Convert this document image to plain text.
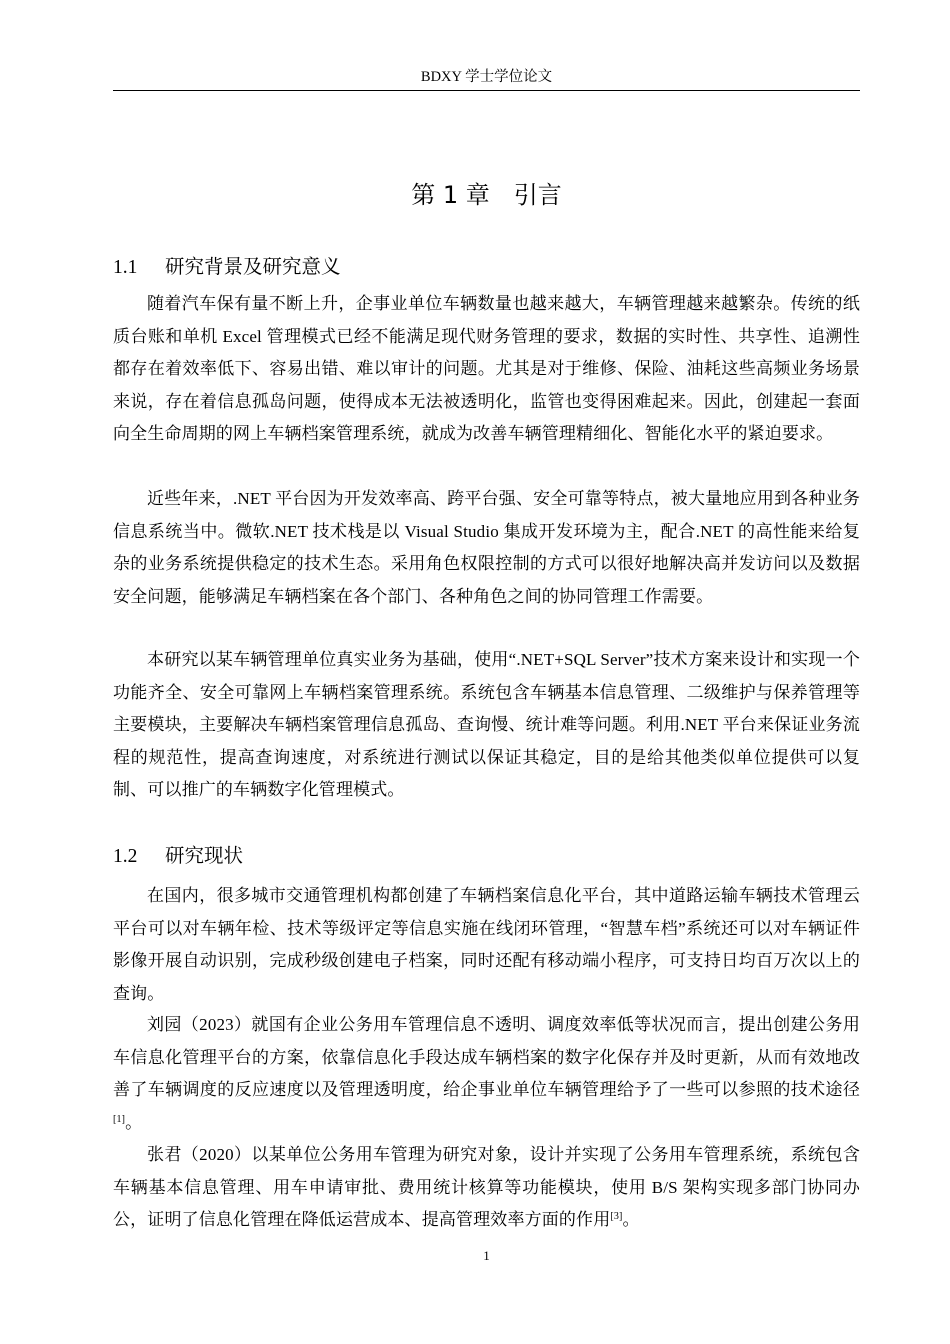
BDXY 学士学位论文
第 1 章 引言
1.1 研究背景及研究意义

随着汽车保有量不断上升，企事业单位车辆数量也越来越大，车辆管理越来越繁杂。传统的纸质台账和单机 Excel 管理模式已经不能满足现代财务管理的要求，数据的实时性、共享性、追溯性都存在着效率低下、容易出错、难以审计的问题。尤其是对于维修、保险、油耗这些高频业务场景来说，存在着信息孤岛问题，使得成本无法被透明化，监管也变得困难起来。因此，创建起一套面向全生命周期的网上车辆档案管理系统，就成为改善车辆管理精细化、智能化水平的紧迫要求。

近些年来，.NET 平台因为开发效率高、跨平台强、安全可靠等特点，被大量地应用到各种业务信息系统当中。微软.NET 技术栈是以 Visual Studio 集成开发环境为主，配合.NET 的高性能来给复杂的业务系统提供稳定的技术生态。采用角色权限控制的方式可以很好地解决高并发访问以及数据安全问题，能够满足车辆档案在各个部门、各种角色之间的协同管理工作需要。

本研究以某车辆管理单位真实业务为基础，使用“.NET+SQL Server”技术方案来设计和实现一个功能齐全、安全可靠网上车辆档案管理系统。系统包含车辆基本信息管理、二级维护与保养管理等主要模块，主要解决车辆档案管理信息孤岛、查询慢、统计难等问题。利用.NET 平台来保证业务流程的规范性，提高查询速度，对系统进行测试以保证其稳定，目的是给其他类似单位提供可以复制、可以推广的车辆数字化管理模式。

1.2 研究现状

在国内，很多城市交通管理机构都创建了车辆档案信息化平台，其中道路运输车辆技术管理云平台可以对车辆年检、技术等级评定等信息实施在线闭环管理，“智慧车档”系统还可以对车辆证件影像开展自动识别，完成秒级创建电子档案，同时还配有移动端小程序，可支持日均百万次以上的查询。

刘园（2023）就国有企业公务用车管理信息不透明、调度效率低等状况而言，提出创建公务用车信息化管理平台的方案，依靠信息化手段达成车辆档案的数字化保存并及时更新，从而有效地改善了车辆调度的反应速度以及管理透明度，给企事业单位车辆管理给予了一些可以参照的技术途径[1]。

张君（2020）以某单位公务用车管理为研究对象，设计并实现了公务用车管理系统，系统包含车辆基本信息管理、用车申请审批、费用统计核算等功能模块，使用 B/S 架构实现多部门协同办公，证明了信息化管理在降低运营成本、提高管理效率方面的作用[3]。

1
